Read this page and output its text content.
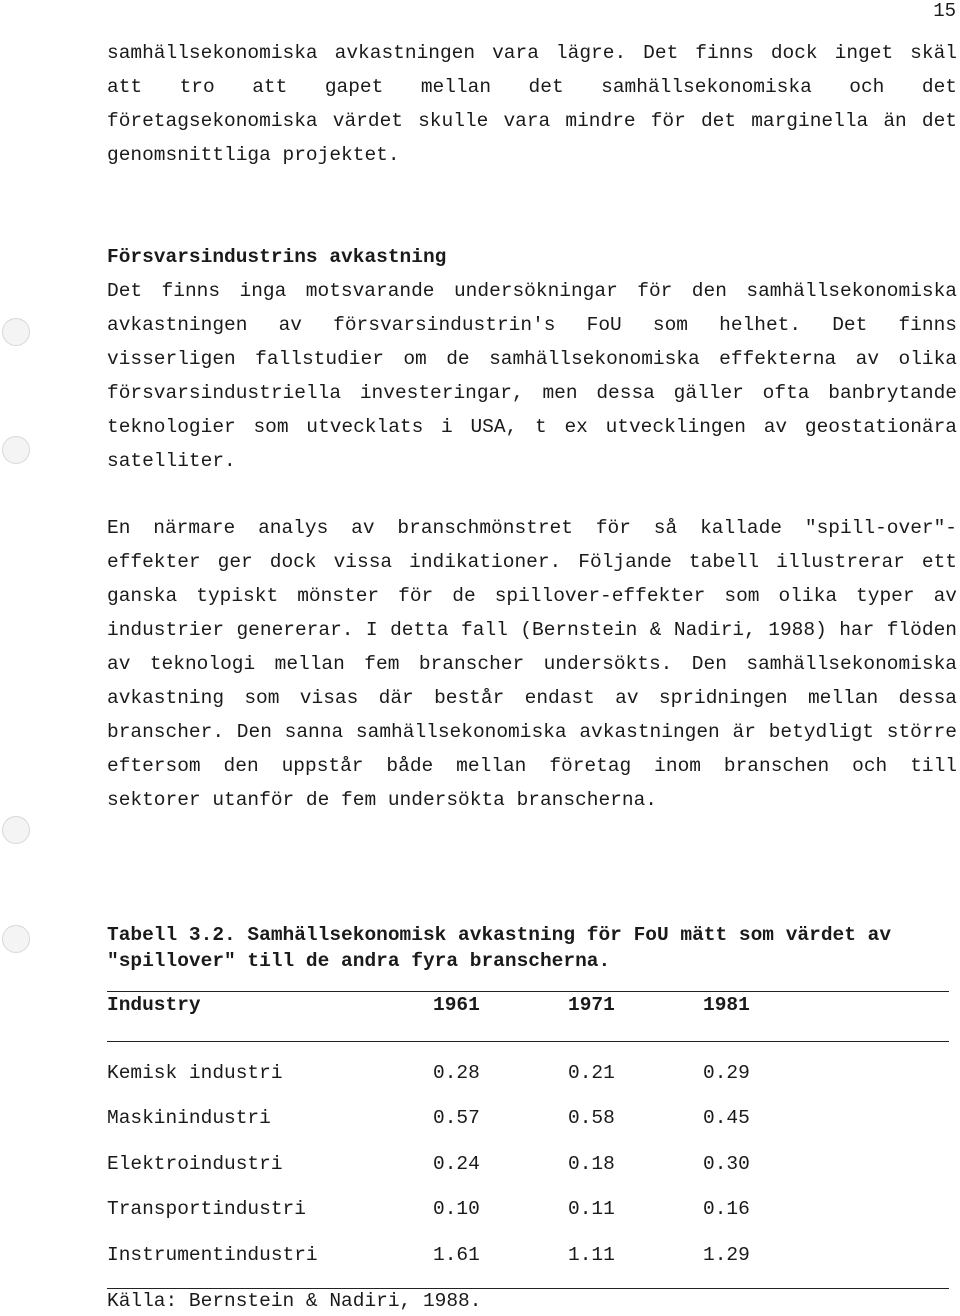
15

samhällsekonomiska avkastningen vara lägre. Det finns dock inget skäl att tro att gapet mellan det samhällsekonomiska och det företagsekonomiska värdet skulle vara mindre för det marginella än det genomsnittliga projektet.

Försvarsindustrins avkastning

Det finns inga motsvarande undersökningar för den samhällsekonomiska avkastningen av försvarsindustrin's FoU som helhet. Det finns visserligen fallstudier om de samhällsekonomiska effekterna av olika försvarsindustriella investeringar, men dessa gäller ofta banbrytande teknologier som utvecklats i USA, t ex utvecklingen av geostationära satelliter.

En närmare analys av branschmönstret för så kallade "spill-over"-effekter ger dock vissa indikationer. Följande tabell illustrerar ett ganska typiskt mönster för de spillover-effekter som olika typer av industrier genererar. I detta fall (Bernstein & Nadiri, 1988) har flöden av teknologi mellan fem branscher undersökts. Den samhällsekonomiska avkastning som visas där består endast av spridningen mellan dessa branscher. Den sanna samhällsekonomiska avkastningen är betydligt större eftersom den uppstår både mellan företag inom branschen och till sektorer utanför de fem undersökta branscherna.

Tabell 3.2. Samhällsekonomisk avkastning för FoU mätt som värdet av "spillover" till de andra fyra branscherna.
Industry	1961	1971	1981
Kemisk industri	0.28	0.21	0.29
Maskinindustri	0.57	0.58	0.45
Elektroindustri	0.24	0.18	0.30
Transportindustri	0.10	0.11	0.16
Instrumentindustri	1.61	1.11	1.29
Källa: Bernstein & Nadiri, 1988.
